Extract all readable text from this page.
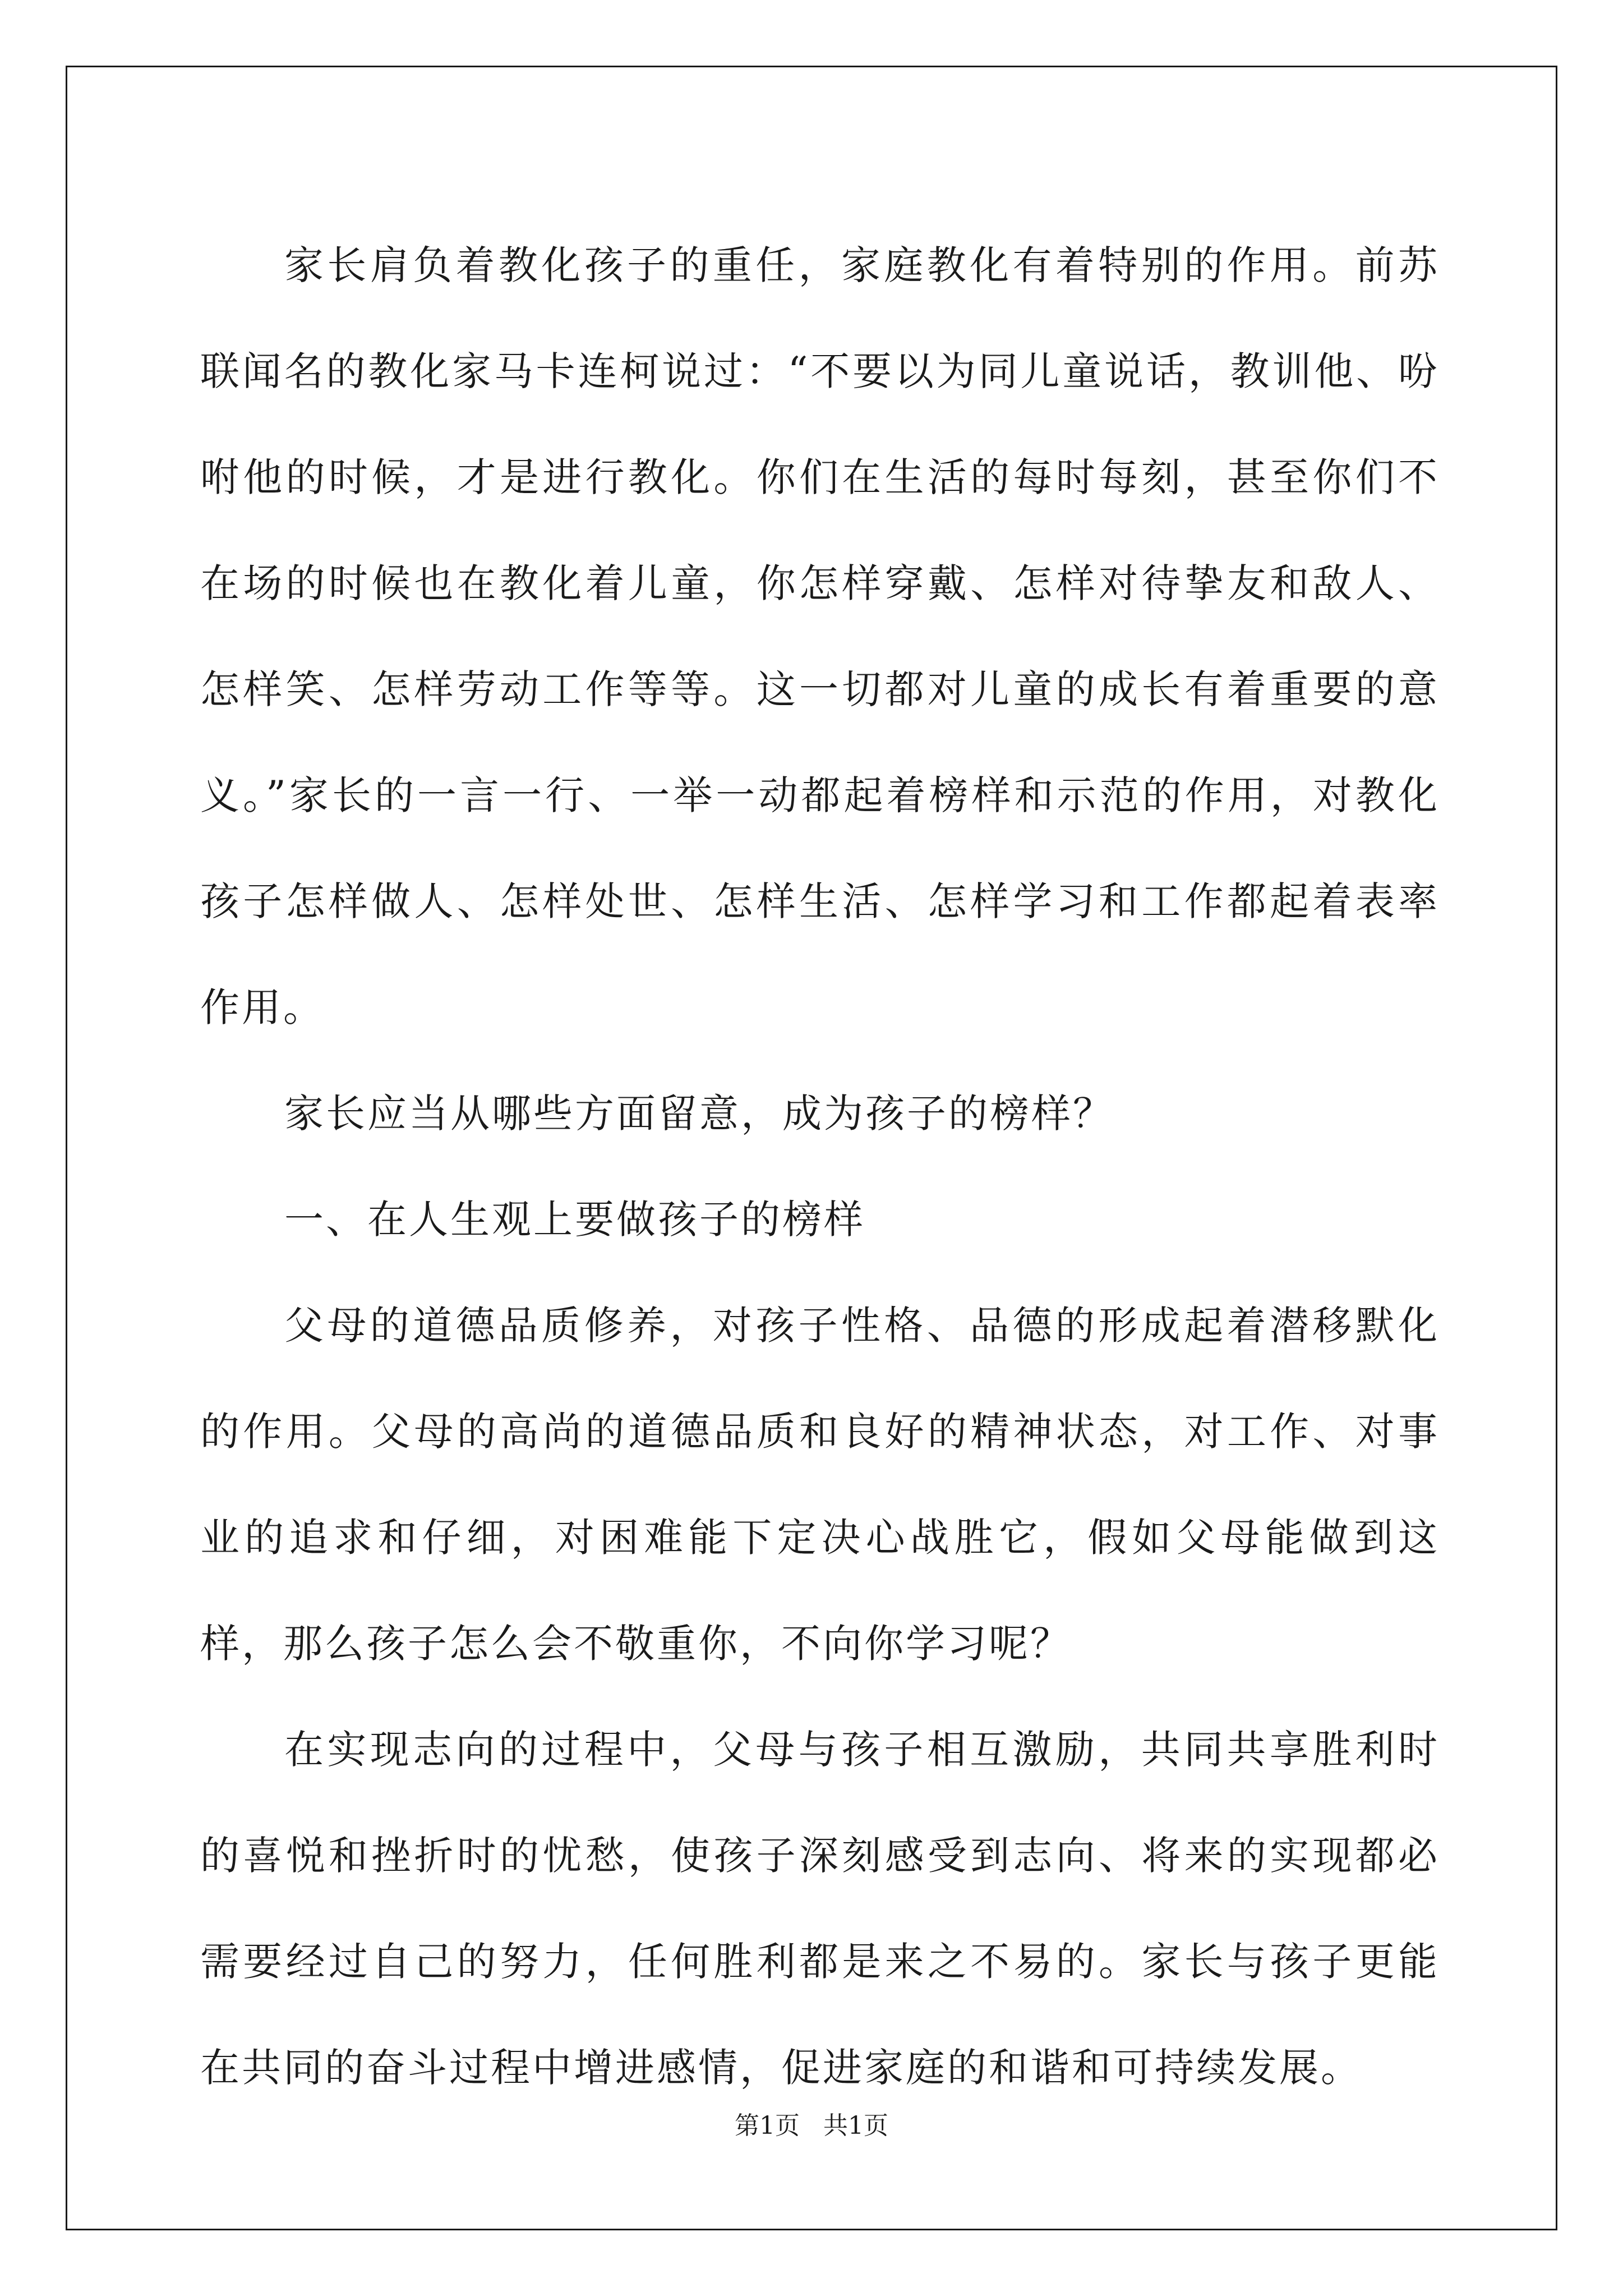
家长肩负着教化孩子的重任，家庭教化有着特别的作用。前苏联闻名的教化家马卡连柯说过：“不要以为同儿童说话，教训他、吩咐他的时候，才是进行教化。你们在生活的每时每刻，甚至你们不在场的时候也在教化着儿童，你怎样穿戴、怎样对待挚友和敌人、怎样笑、怎样劳动工作等等。这一切都对儿童的成长有着重要的意义。”家长的一言一行、一举一动都起着榜样和示范的作用，对教化孩子怎样做人、怎样处世、怎样生活、怎样学习和工作都起着表率作用。

家长应当从哪些方面留意，成为孩子的榜样？

一、在人生观上要做孩子的榜样

父母的道德品质修养，对孩子性格、品德的形成起着潜移默化的作用。父母的高尚的道德品质和良好的精神状态，对工作、对事业的追求和仔细，对困难能下定决心战胜它，假如父母能做到这样，那么孩子怎么会不敬重你，不向你学习呢？

在实现志向的过程中，父母与孩子相互激励，共同共享胜利时的喜悦和挫折时的忧愁，使孩子深刻感受到志向、将来的实现都必需要经过自己的努力，任何胜利都是来之不易的。家长与孩子更能在共同的奋斗过程中增进感情，促进家庭的和谐和可持续发展。

第1页 共1页
